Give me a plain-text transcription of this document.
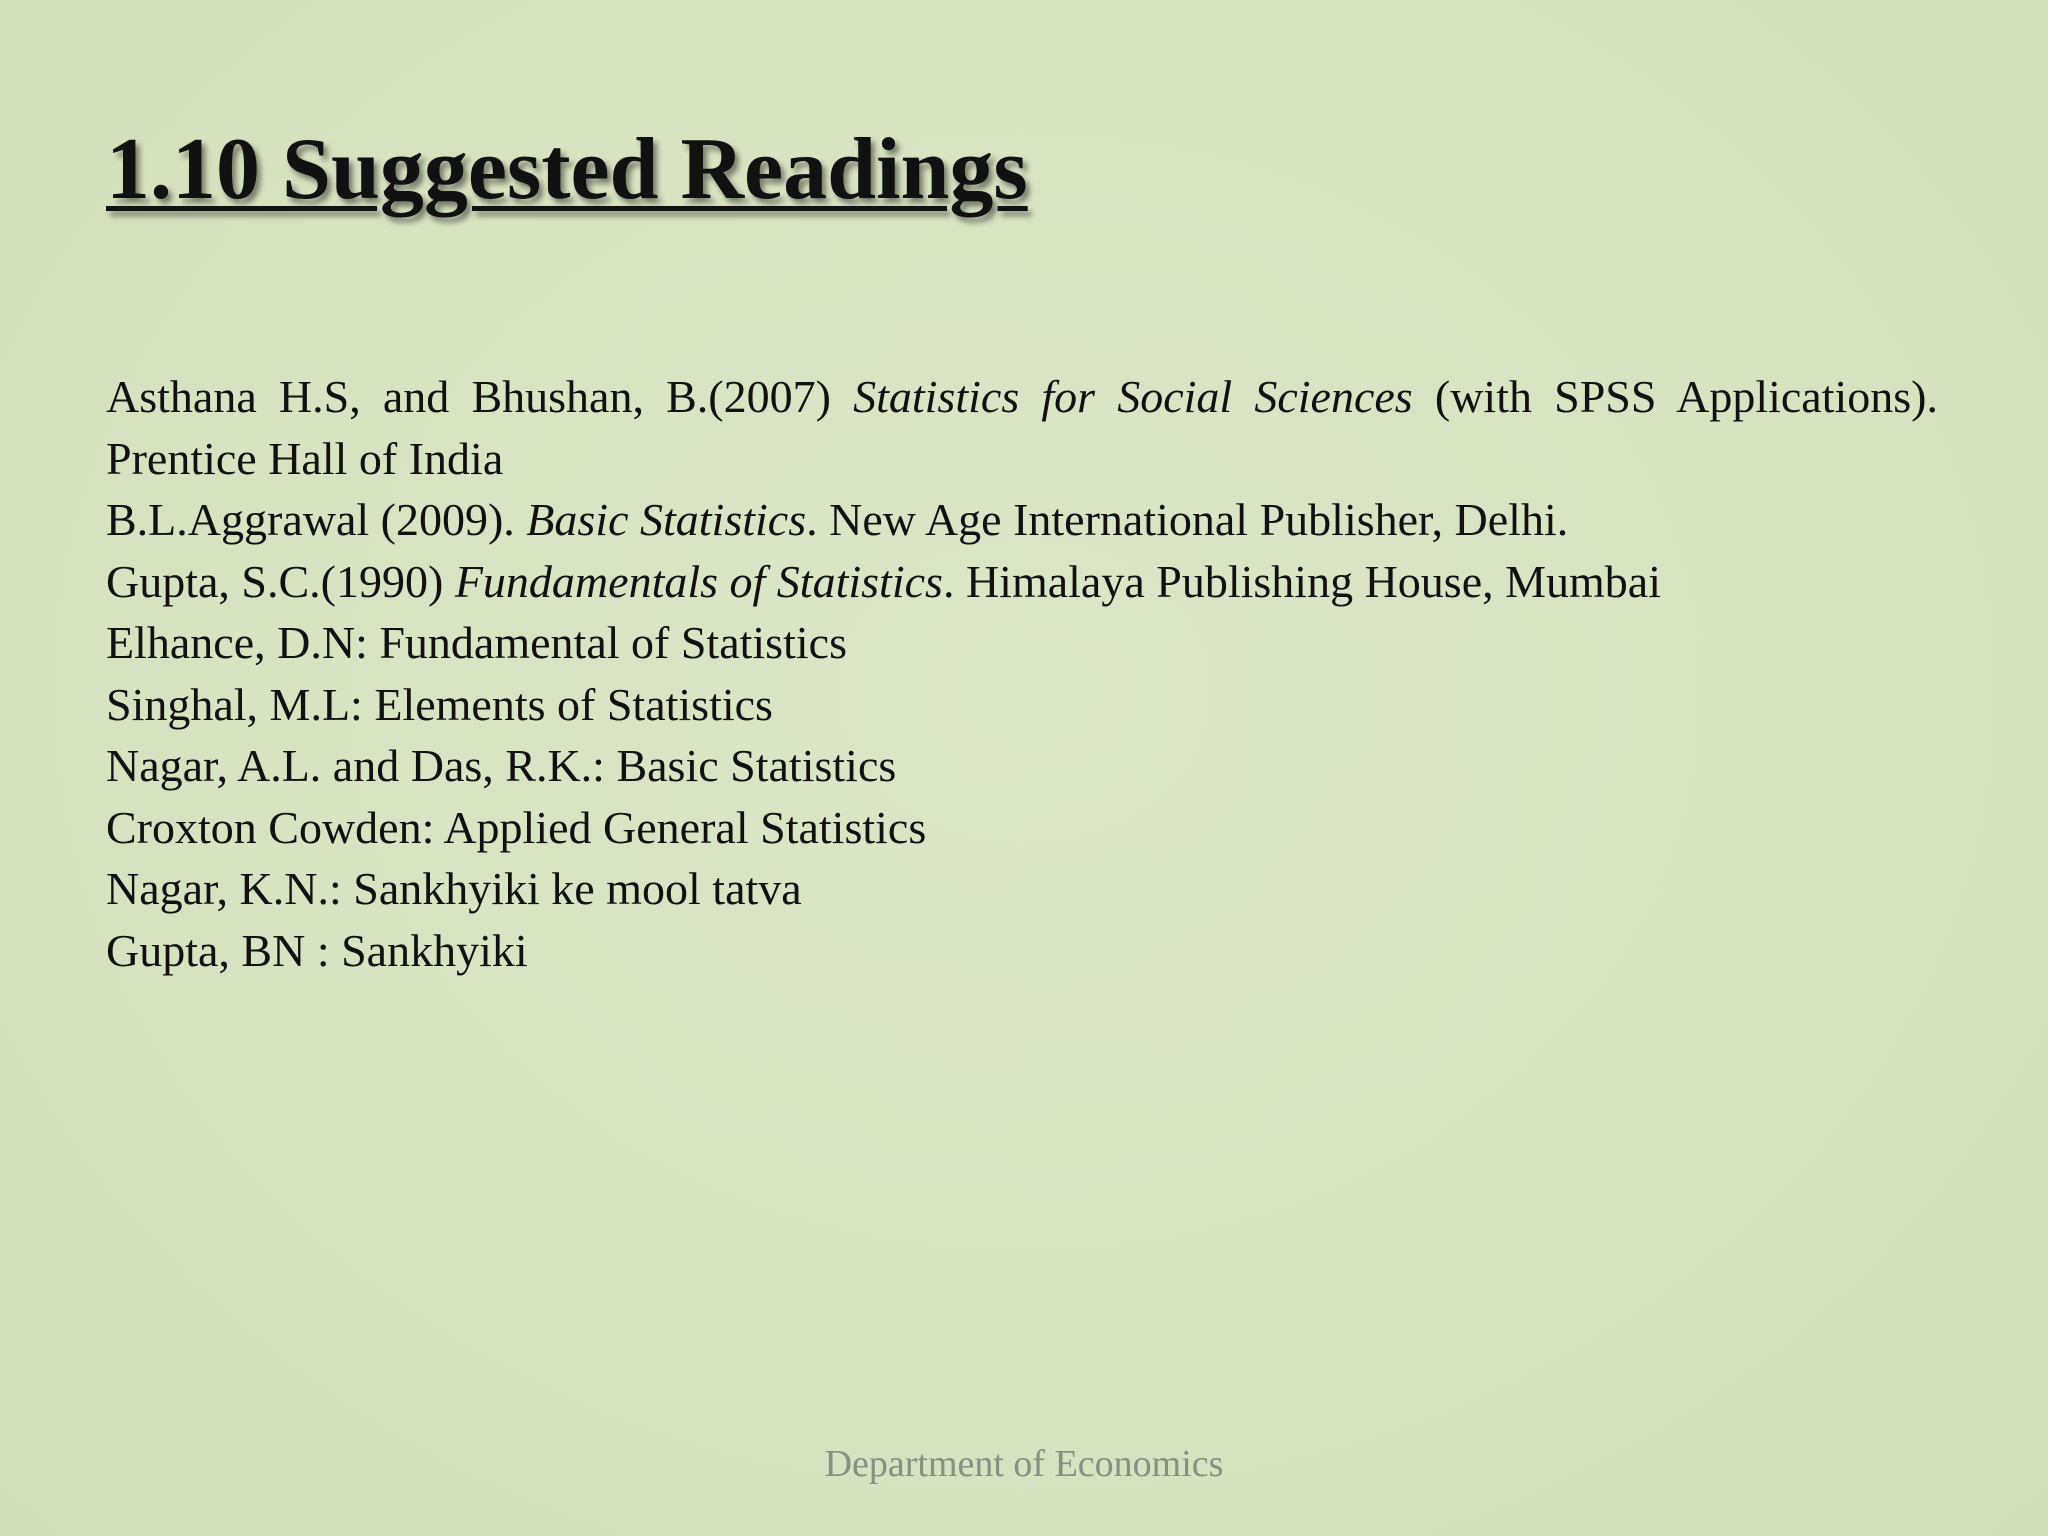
1.10 Suggested Readings

Asthana H.S, and Bhushan, B.(2007) Statistics for Social Sciences (with SPSS Applications). Prentice Hall of India

B.L.Aggrawal (2009). Basic Statistics. New Age International Publisher, Delhi.

Gupta, S.C.(1990) Fundamentals of Statistics. Himalaya Publishing House, Mumbai

Elhance, D.N: Fundamental of Statistics

Singhal, M.L: Elements of Statistics

Nagar, A.L. and Das, R.K.: Basic Statistics

Croxton Cowden: Applied General Statistics

Nagar, K.N.: Sankhyiki ke mool tatva

Gupta, BN : Sankhyiki

Department of Economics
